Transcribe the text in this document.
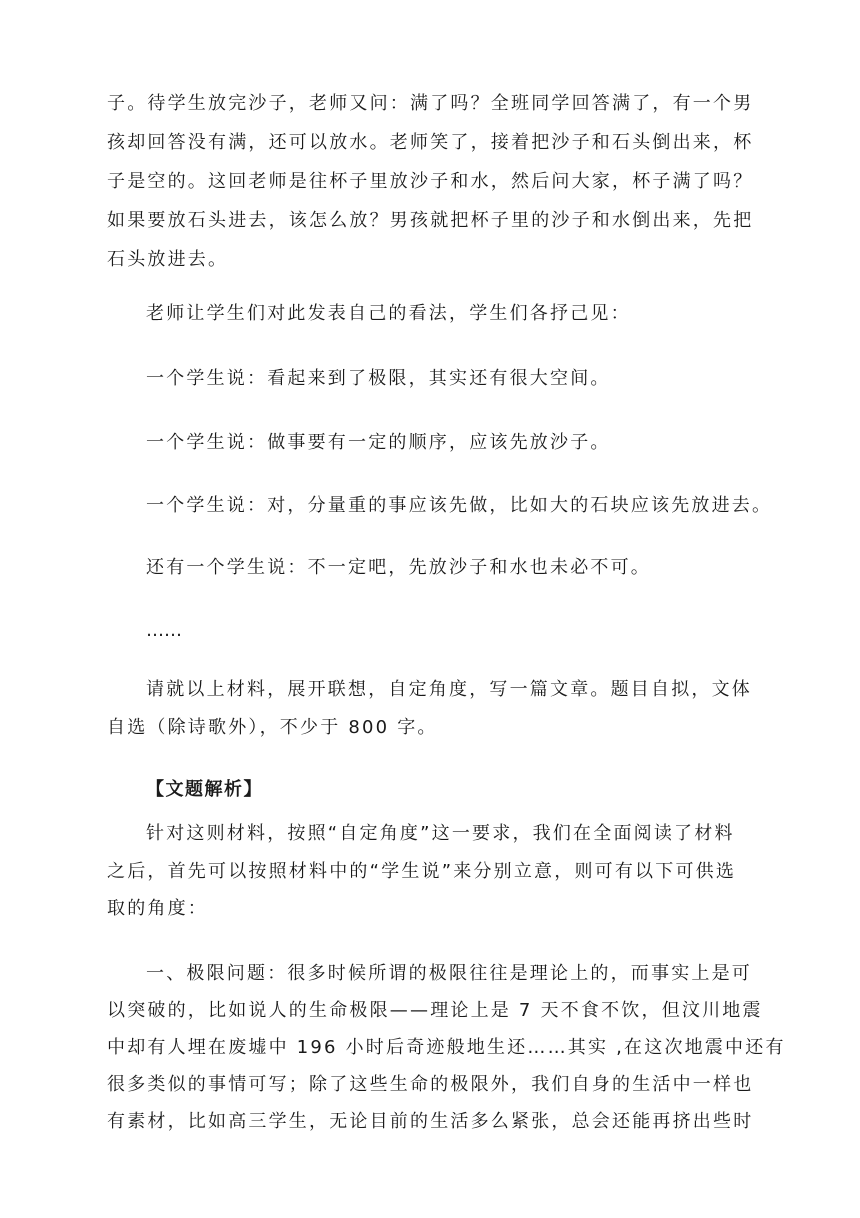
子。待学生放完沙子，老师又问：满了吗？全班同学回答满了，有一个男
孩却回答没有满，还可以放水。老师笑了，接着把沙子和石头倒出来，杯
子是空的。这回老师是往杯子里放沙子和水，然后问大家，杯子满了吗？
如果要放石头进去，该怎么放？男孩就把杯子里的沙子和水倒出来，先把
石头放进去。
老师让学生们对此发表自己的看法，学生们各抒己见：
一个学生说：看起来到了极限，其实还有很大空间。
一个学生说：做事要有一定的顺序，应该先放沙子。
一个学生说：对，分量重的事应该先做，比如大的石块应该先放进去。
还有一个学生说：不一定吧，先放沙子和水也未必不可。
……
请就以上材料，展开联想，自定角度，写一篇文章。题目自拟，文体
自选（除诗歌外），不少于 800 字。
【文题解析】
针对这则材料，按照“自定角度”这一要求，我们在全面阅读了材料
之后，首先可以按照材料中的“学生说”来分别立意，则可有以下可供选
取的角度：
一、极限问题：很多时候所谓的极限往往是理论上的，而事实上是可
以突破的，比如说人的生命极限——理论上是 7 天不食不饮，但汶川地震
中却有人埋在废墟中 196 小时后奇迹般地生还……其实 ,在这次地震中还有
很多类似的事情可写；除了这些生命的极限外，我们自身的生活中一样也
有素材，比如高三学生，无论目前的生活多么紧张，总会还能再挤出些时
